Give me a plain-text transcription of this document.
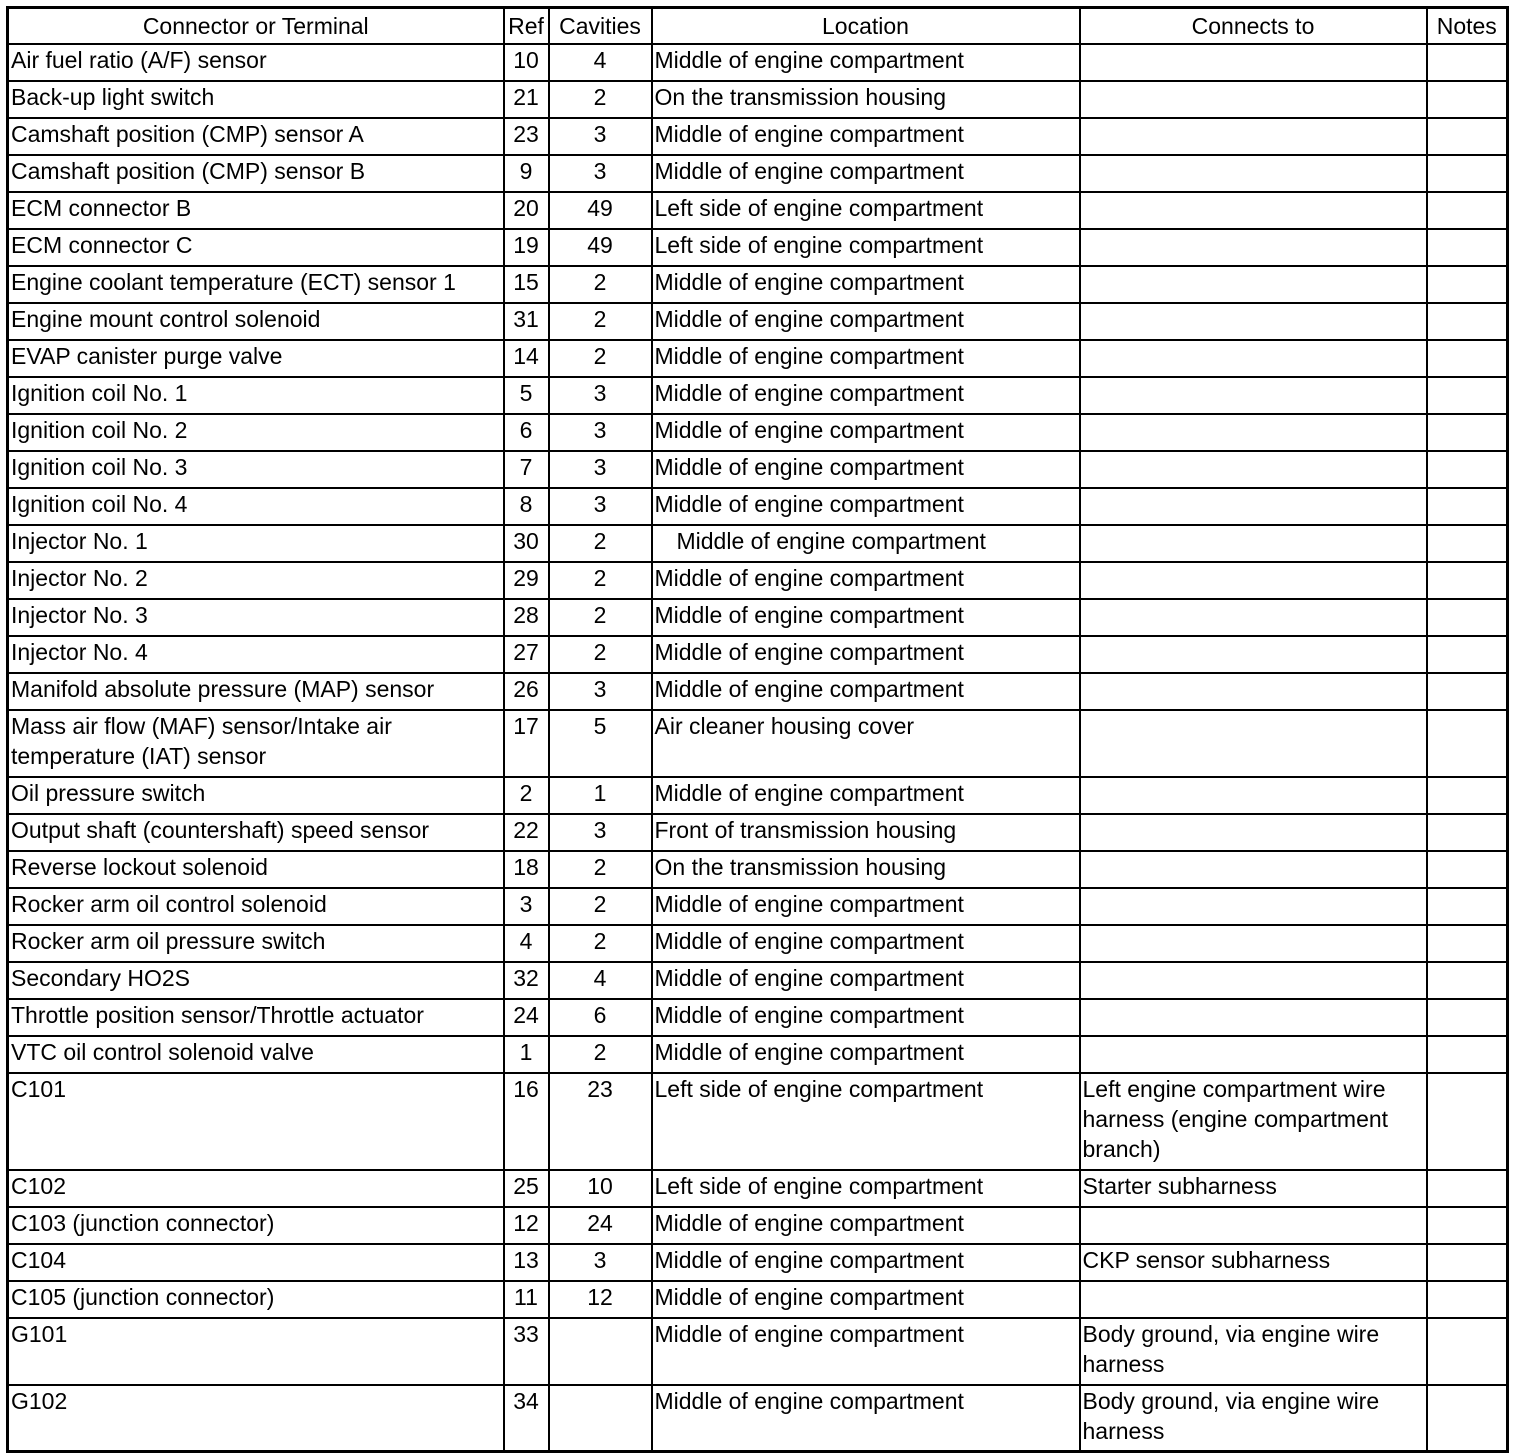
Connector or Terminal	Ref	Cavities	Location	Connects to	Notes
Air fuel ratio (A/F) sensor	10	4	Middle of engine compartment		
Back-up light switch	21	2	On the transmission housing		
Camshaft position (CMP) sensor A	23	3	Middle of engine compartment		
Camshaft position (CMP) sensor B	9	3	Middle of engine compartment		
ECM connector B	20	49	Left side of engine compartment		
ECM connector C	19	49	Left side of engine compartment		
Engine coolant temperature (ECT) sensor 1	15	2	Middle of engine compartment		
Engine mount control solenoid	31	2	Middle of engine compartment		
EVAP canister purge valve	14	2	Middle of engine compartment		
Ignition coil No. 1	5	3	Middle of engine compartment		
Ignition coil No. 2	6	3	Middle of engine compartment		
Ignition coil No. 3	7	3	Middle of engine compartment		
Ignition coil No. 4	8	3	Middle of engine compartment		
Injector No. 1	30	2	Middle of engine compartment		
Injector No. 2	29	2	Middle of engine compartment		
Injector No. 3	28	2	Middle of engine compartment		
Injector No. 4	27	2	Middle of engine compartment		
Manifold absolute pressure (MAP) sensor	26	3	Middle of engine compartment		
Mass air flow (MAF) sensor/Intake air temperature (IAT) sensor	17	5	Air cleaner housing cover		
Oil pressure switch	2	1	Middle of engine compartment		
Output shaft (countershaft) speed sensor	22	3	Front of transmission housing		
Reverse lockout solenoid	18	2	On the transmission housing		
Rocker arm oil control solenoid	3	2	Middle of engine compartment		
Rocker arm oil pressure switch	4	2	Middle of engine compartment		
Secondary HO2S	32	4	Middle of engine compartment		
Throttle position sensor/Throttle actuator	24	6	Middle of engine compartment		
VTC oil control solenoid valve	1	2	Middle of engine compartment		
C101	16	23	Left side of engine compartment	Left engine compartment wire harness (engine compartment branch)	
C102	25	10	Left side of engine compartment	Starter subharness	
C103 (junction connector)	12	24	Middle of engine compartment		
C104	13	3	Middle of engine compartment	CKP sensor subharness	
C105 (junction connector)	11	12	Middle of engine compartment		
G101	33		Middle of engine compartment	Body ground, via engine wire harness	
G102	34		Middle of engine compartment	Body ground, via engine wire harness	
